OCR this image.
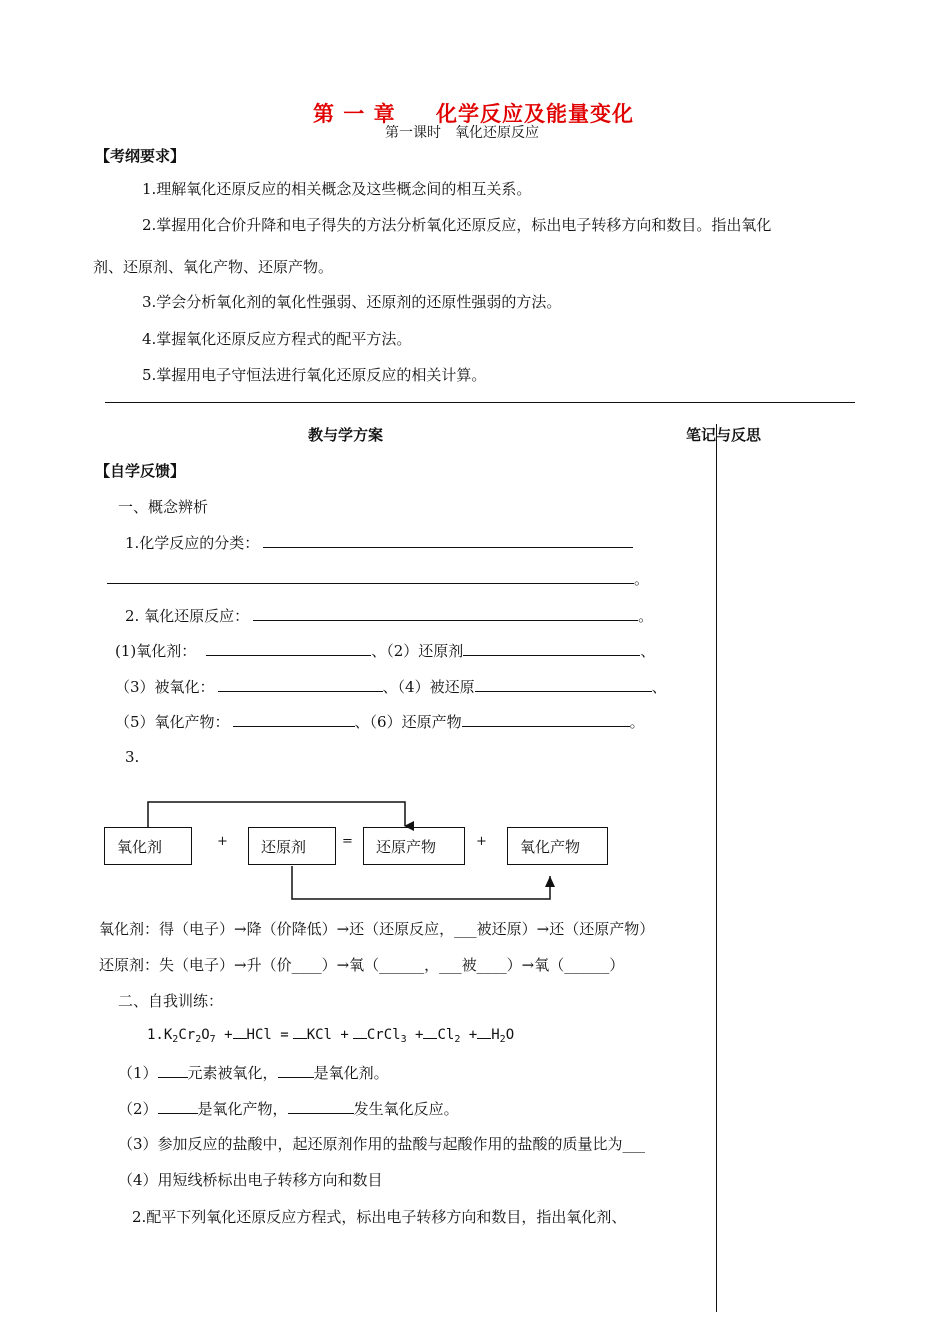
第 一 章 化学反应及能量变化
第一课时　氧化还原反应
【考纲要求】
1.理解氧化还原反应的相关概念及这些概念间的相互关系。
2.掌握用化合价升降和电子得失的方法分析氧化还原反应，标出电子转移方向和数目。指出氧化
剂、还原剂、氧化产物、还原产物。
3.学会分析氧化剂的氧化性强弱、还原剂的还原性强弱的方法。
4.掌握氧化还原反应方程式的配平方法。
5.掌握用电子守恒法进行氧化还原反应的相关计算。
教与学方案	笔记与反思
【自学反馈】
一、概念辨析
1.化学反应的分类：
。
2. 氧化还原反应：	。
(1)氧化剂：	、（2）还原剂	、
（3）被氧化：	、（4）被还原	、
（5）氧化产物：	、（6）还原产物	。
3.
氧化剂	+	还原剂	=	还原产物	+	氧化产物
氧化剂：得（电子）→降（价降低）→还（还原反应，___被还原）→还（还原产物）
还原剂：失（电子）→升（价____）→氧（______，___被____）→氧（______）
二、自我训练：
$1.K_2Cr_2O_7$ + HCl = KCl + CrCl$_3$ + $Cl_2 + H_2O$
（1） 元素被氧化， 是氧化剂。
（2）	是氧化产物，	发生氧化反应。
（3）参加反应的盐酸中，起还原剂作用的盐酸与起酸作用的盐酸的质量比为___
（4）用短线桥标出电子转移方向和数目
2.配平下列氧化还原反应方程式，标出电子转移方向和数目，指出氧化剂、
